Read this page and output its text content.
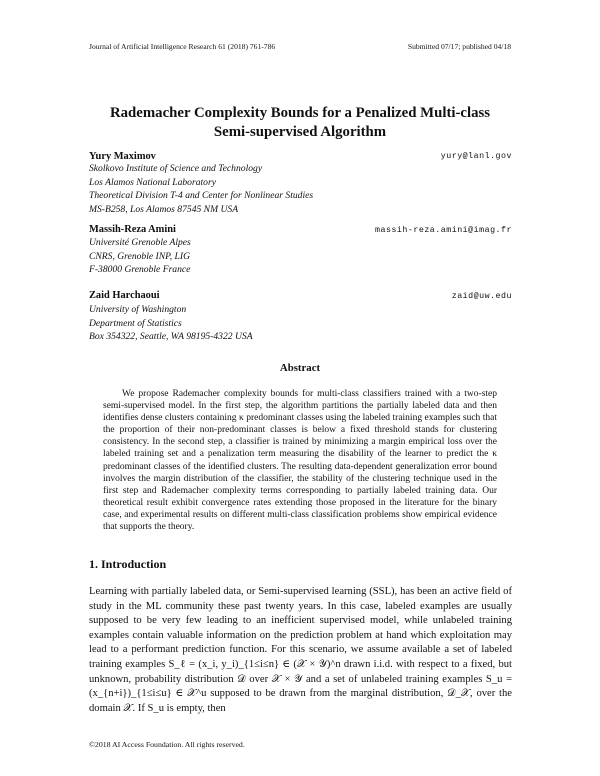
Journal of Artificial Intelligence Research 61 (2018) 761-786	Submitted 07/17; published 04/18
Rademacher Complexity Bounds for a Penalized Multi-class
Semi-supervised Algorithm
Yury Maximov	yury@lanl.gov
Skolkovo Institute of Science and Technology
Los Alamos National Laboratory
Theoretical Division T-4 and Center for Nonlinear Studies
MS-B258, Los Alamos 87545 NM USA
Massih-Reza Amini	massih-reza.amini@imag.fr
Université Grenoble Alpes
CNRS, Grenoble INP, LIG
F-38000 Grenoble France
Zaid Harchaoui	zaid@uw.edu
University of Washington
Department of Statistics
Box 354322, Seattle, WA 98195-4322 USA
Abstract
We propose Rademacher complexity bounds for multi-class classifiers trained with a two-step semi-supervised model. In the first step, the algorithm partitions the partially labeled data and then identifies dense clusters containing κ predominant classes using the labeled training examples such that the proportion of their non-predominant classes is below a fixed threshold stands for clustering consistency. In the second step, a classifier is trained by minimizing a margin empirical loss over the labeled training set and a penalization term measuring the disability of the learner to predict the κ predominant classes of the identified clusters. The resulting data-dependent generalization error bound involves the margin distribution of the classifier, the stability of the clustering technique used in the first step and Rademacher complexity terms corresponding to partially labeled training data. Our theoretical result exhibit convergence rates extending those proposed in the literature for the binary case, and experimental results on different multi-class classification problems show empirical evidence that supports the theory.
1. Introduction
Learning with partially labeled data, or Semi-supervised learning (SSL), has been an active field of study in the ML community these past twenty years. In this case, labeled examples are usually supposed to be very few leading to an inefficient supervised model, while unlabeled training examples contain valuable information on the prediction problem at hand which exploitation may lead to a performant prediction function. For this scenario, we assume available a set of labeled training examples S_ℓ = (x_i, y_i)_{1≤i≤n} ∈ (𝒳 × 𝒴)^n drawn i.i.d. with respect to a fixed, but unknown, probability distribution 𝒟 over 𝒳 × 𝒴 and a set of unlabeled training examples S_u = (x_{n+i})_{1≤i≤u} ∈ 𝒳^u supposed to be drawn from the marginal distribution, 𝒟_𝒳, over the domain 𝒳. If S_u is empty, then
©2018 AI Access Foundation. All rights reserved.
